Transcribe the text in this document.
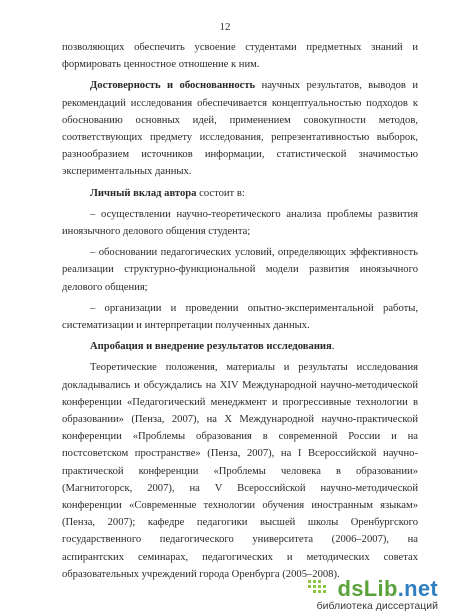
12

позволяющих обеспечить усвоение студентами предметных знаний и формировать ценностное отношение к ним.

Достоверность и обоснованность научных результатов, выводов и рекомендаций исследования обеспечивается концептуальностью подходов к обоснованию основных идей, применением совокупности методов, соответствующих предмету исследования, репрезентативностью выборок, разнообразием источников информации, статистической значимостью экспериментальных данных.

Личный вклад автора состоит в:

– осуществлении научно-теоретического анализа проблемы развития иноязычного делового общения студента;

– обосновании педагогических условий, определяющих эффективность реализации структурно-функциональной модели развития иноязычного делового общения;

– организации и проведении опытно-экспериментальной работы, систематизации и интерпретации полученных данных.

Апробация и внедрение результатов исследования.

Теоретические положения, материалы и результаты исследования докладывались и обсуждались на XIV Международной научно-методической конференции «Педагогический менеджмент и прогрессивные технологии в образовании» (Пенза, 2007), на Х Международной научно-практической конференции «Проблемы образования в современной России и на постсоветском пространстве» (Пенза, 2007), на I Всероссийской научно-практической конференции «Проблемы человека в образовании» (Магнитогорск, 2007), на V Всероссийской научно-методической конференции «Современные технологии обучения иностранным языкам» (Пенза, 2007); кафедре педагогики высшей школы Оренбургского государственного педагогического университета (2006–2007), на аспирантских семинарах, педагогических и методических советах образовательных учреждений города Оренбурга (2005–2008).

dsLib.net
библиотека диссертаций
